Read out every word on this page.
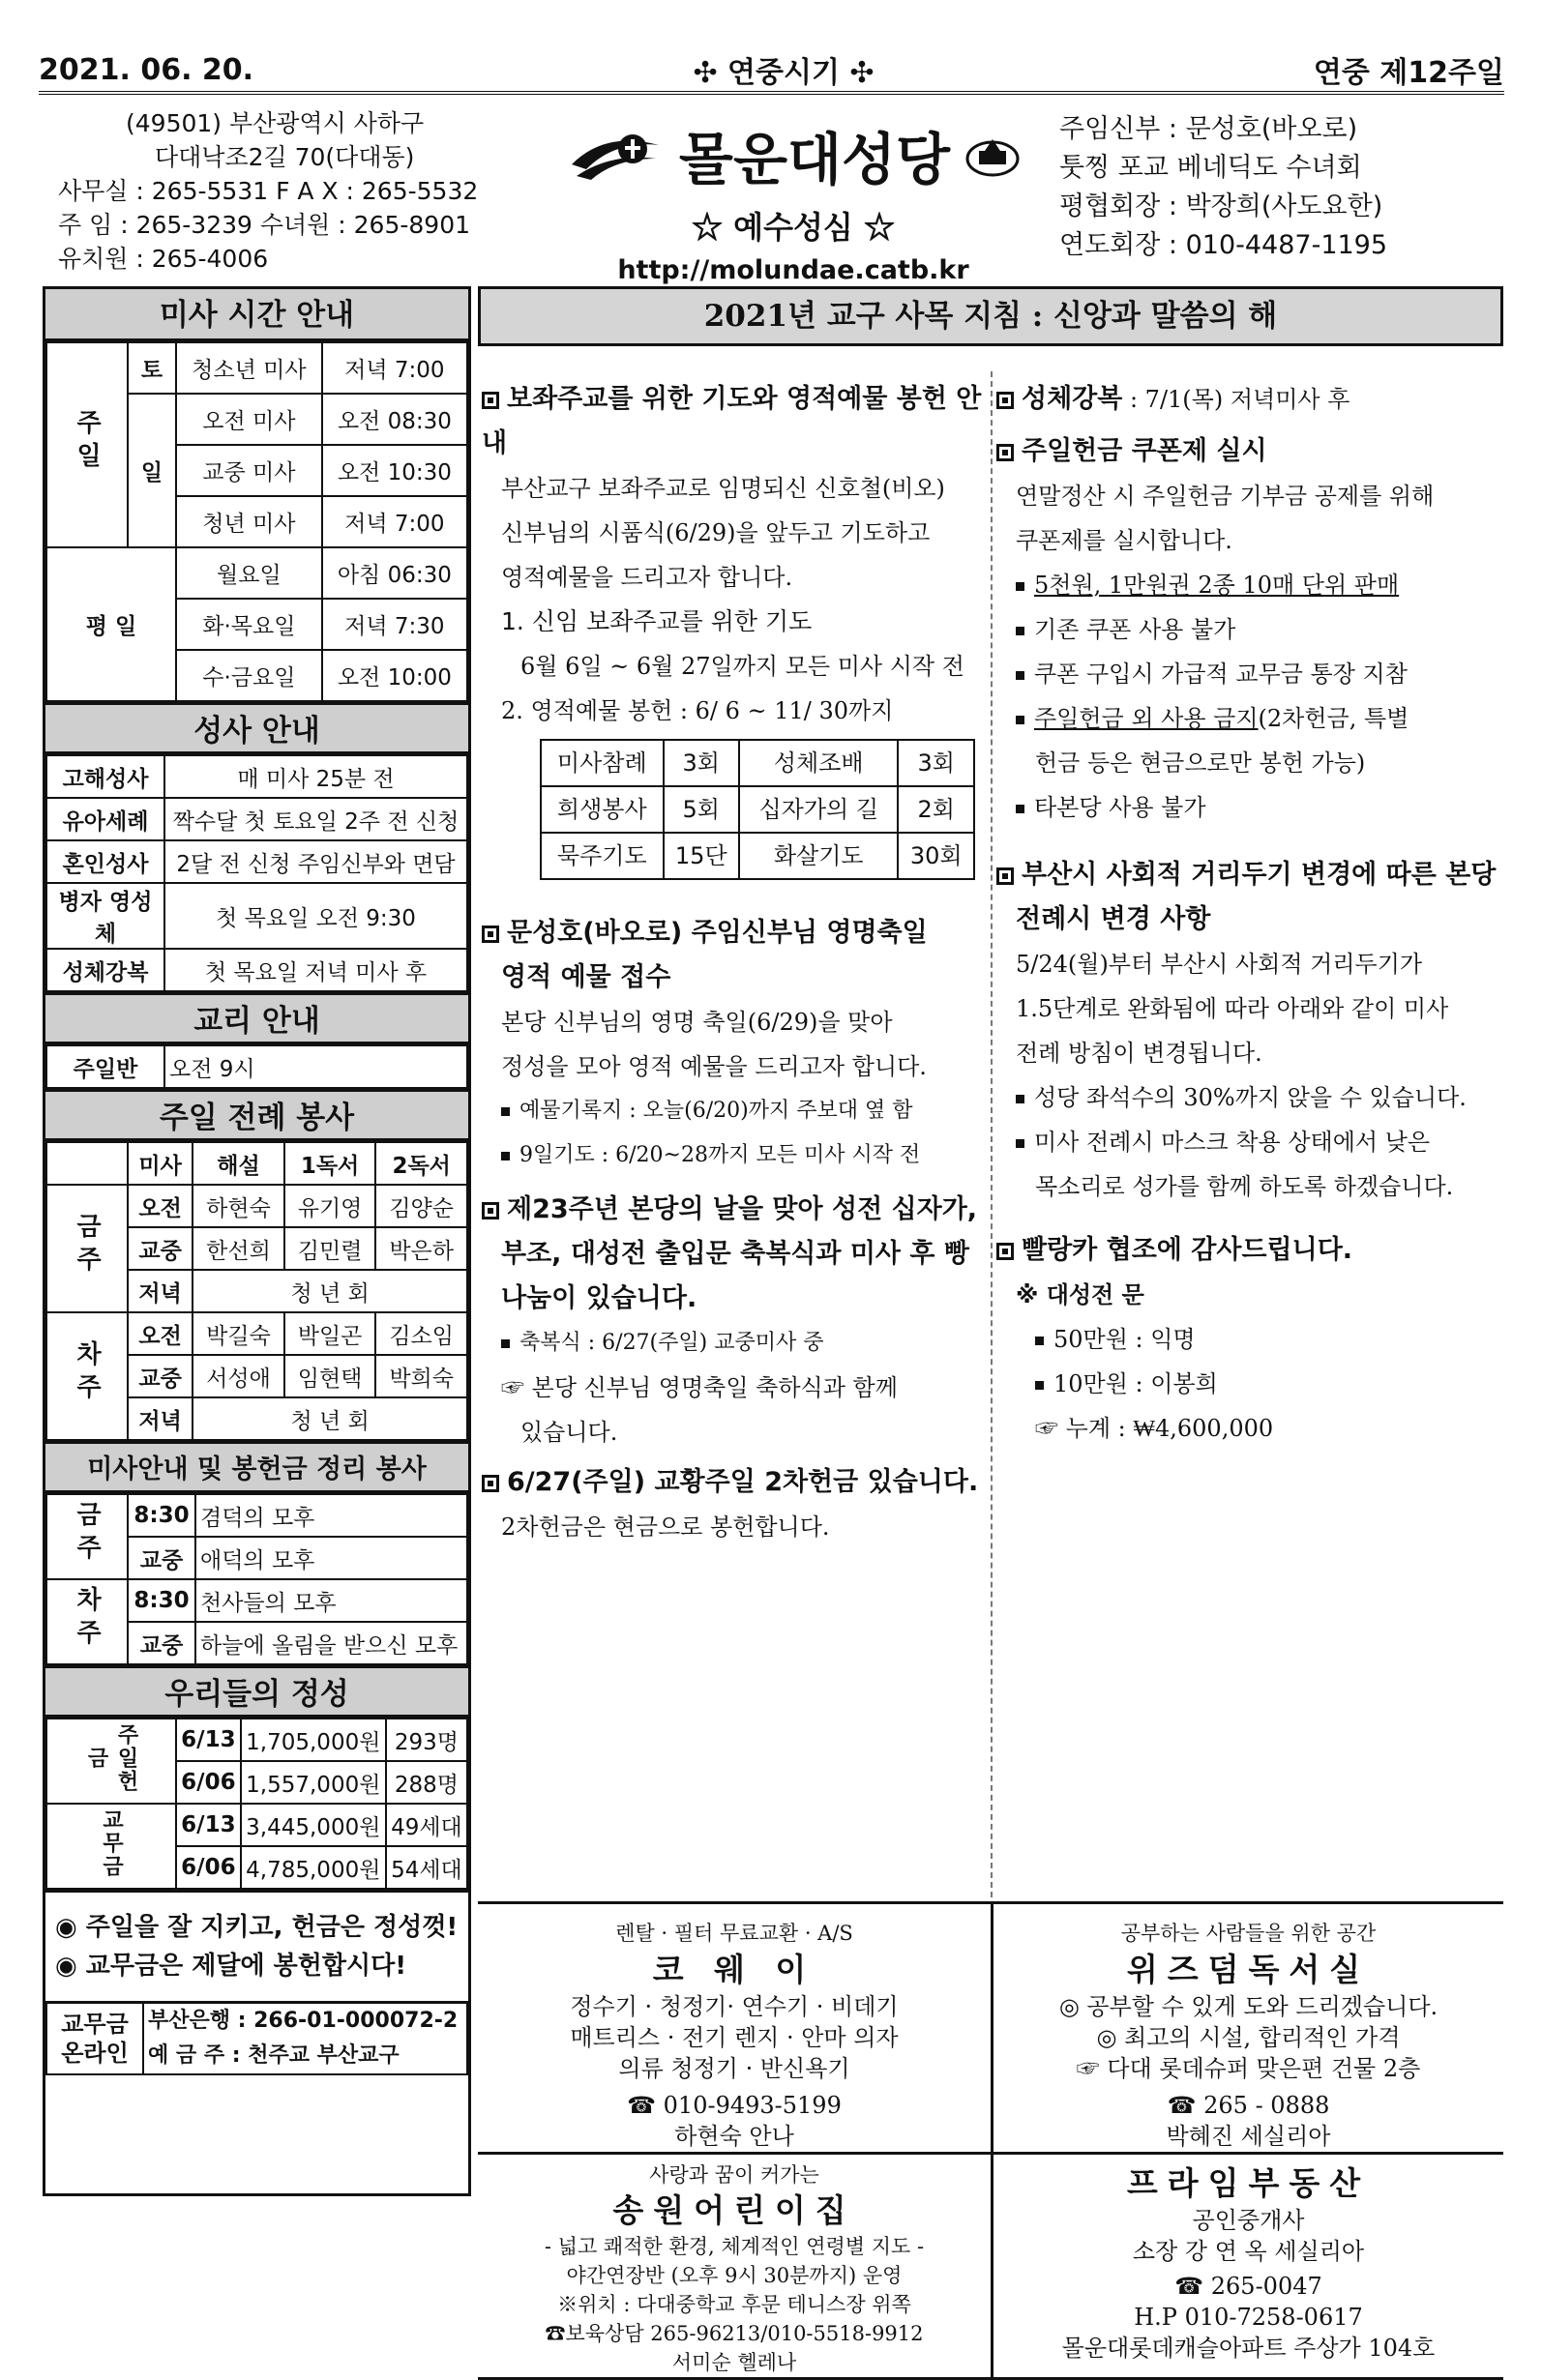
2021. 06. 20.	✣ 연중시기 ✣	연중 제12주일
(49501) 부산광역시 사하구
다대낙조2길 70(다대동)
사무실 : 265-5531 F A X : 265-5532
주 임 : 265-3239 수녀원 : 265-8901
유치원 : 265-4006
몰운대성당
☆ 예수성심 ☆
http://molundae.catb.kr
주임신부 : 문성호(바오로)
툿찡 포교 베네딕도 수녀회
평협회장 : 박장희(사도요한)
연도회장 : 010-4487-1195
미사 시간 안내
주일	토	청소년 미사	저녁 7:00
	일	오전 미사	오전 08:30
		교중 미사	오전 10:30
		청년 미사	저녁 7:00
평 일		월요일	아침 06:30
		화·목요일	저녁 7:30
		수·금요일	오전 10:00
성사 안내
고해성사	매 미사 25분 전
유아세례	짝수달 첫 토요일 2주 전 신청
혼인성사	2달 전 신청 주임신부와 면담
병자 영성체	첫 목요일 오전 9:30
성체강복	첫 목요일 저녁 미사 후
교리 안내
주일반	오전 9시
주일 전례 봉사
	미사	해설	1독서	2독서
금주	오전	하현숙	유기영	김양순
	교중	한선희	김민렬	박은하
	저녁	청 년 회		
차주	오전	박길숙	박일곤	김소임
	교중	서성애	임현택	박희숙
	저녁	청 년 회		
미사안내 및 봉헌금 정리 봉사
금주	8:30	겸덕의 모후
	교중	애덕의 모후
차주	8:30	천사들의 모후
	교중	하늘에 올림을 받으신 모후
우리들의 정성
주일헌금	6/13	1,705,000원	293명
	6/06	1,557,000원	288명
교무금	6/13	3,445,000원	49세대
	6/06	4,785,000원	54세대
◉ 주일을 잘 지키고, 헌금은 정성껏!
◉ 교무금은 제달에 봉헌합시다!
교무금 온라인	
부산은행 : 266-01-000072-2
예 금 주 : 천주교 부산교구
2021년 교구 사목 지침 : 신앙과 말씀의 해
보좌주교를 위한 기도와 영적예물 봉헌 안내
부산교구 보좌주교로 임명되신 신호철(비오)
신부님의 시품식(6/29)을 앞두고 기도하고
영적예물을 드리고자 합니다.
1. 신임 보좌주교를 위한 기도
6월 6일 ~ 6월 27일까지 모든 미사 시작 전
2. 영적예물 봉헌 : 6/ 6 ~ 11/ 30까지
미사참례	3회	성체조배	3회
희생봉사	5회	십자가의 길	2회
묵주기도	15단	화살기도	30회
문성호(바오로) 주임신부님 영명축일
영적 예물 접수
본당 신부님의 영명 축일(6/29)을 맞아
정성을 모아 영적 예물을 드리고자 합니다.
예물기록지 : 오늘(6/20)까지 주보대 옆 함
9일기도 : 6/20~28까지 모든 미사 시작 전
제23주년 본당의 날을 맞아 성전 십자가,
부조, 대성전 출입문 축복식과 미사 후 빵
나눔이 있습니다.
축복식 : 6/27(주일) 교중미사 중
☞ 본당 신부님 영명축일 축하식과 함께
있습니다.
6/27(주일) 교황주일 2차헌금 있습니다.
2차헌금은 현금으로 봉헌합니다.
성체강복 : 7/1(목) 저녁미사 후
주일헌금 쿠폰제 실시
연말정산 시 주일헌금 기부금 공제를 위해
쿠폰제를 실시합니다.
5천원, 1만원권 2종 10매 단위 판매
기존 쿠폰 사용 불가
쿠폰 구입시 가급적 교무금 통장 지참
주일헌금 외 사용 금지(2차헌금, 특별
헌금 등은 현금으로만 봉헌 가능)
타본당 사용 불가
부산시 사회적 거리두기 변경에 따른 본당
전례시 변경 사항
5/24(월)부터 부산시 사회적 거리두기가
1.5단계로 완화됨에 따라 아래와 같이 미사
전례 방침이 변경됩니다.
성당 좌석수의 30%까지 앉을 수 있습니다.
미사 전례시 마스크 착용 상태에서 낮은
목소리로 성가를 함께 하도록 하겠습니다.
빨랑카 협조에 감사드립니다.
※ 대성전 문
50만원 : 익명
10만원 : 이봉희
☞ 누계 : ₩4,600,000
렌탈 · 필터 무료교환 · A/S
코 웨 이
정수기 · 청정기· 연수기 · 비데기
매트리스 · 전기 렌지 · 안마 의자
의류 청정기 · 반신욕기
☎ 010-9493-5199
하현숙 안나
공부하는 사람들을 위한 공간
위즈덤독서실
◎ 공부할 수 있게 도와 드리겠습니다.
◎ 최고의 시설, 합리적인 가격
☞ 다대 롯데슈퍼 맞은편 건물 2층
☎ 265 - 0888
박혜진 세실리아
사랑과 꿈이 커가는
송원어린이집
- 넓고 쾌적한 환경, 체계적인 연령별 지도 -
야간연장반 (오후 9시 30분까지) 운영
※위치 : 다대중학교 후문 테니스장 위쪽
☎보육상담 265-96213/010-5518-9912
서미순 헬레나
프라임부동산
공인중개사
소장 강 연 옥 세실리아
☎ 265-0047
H.P 010-7258-0617
몰운대롯데캐슬아파트 주상가 104호
